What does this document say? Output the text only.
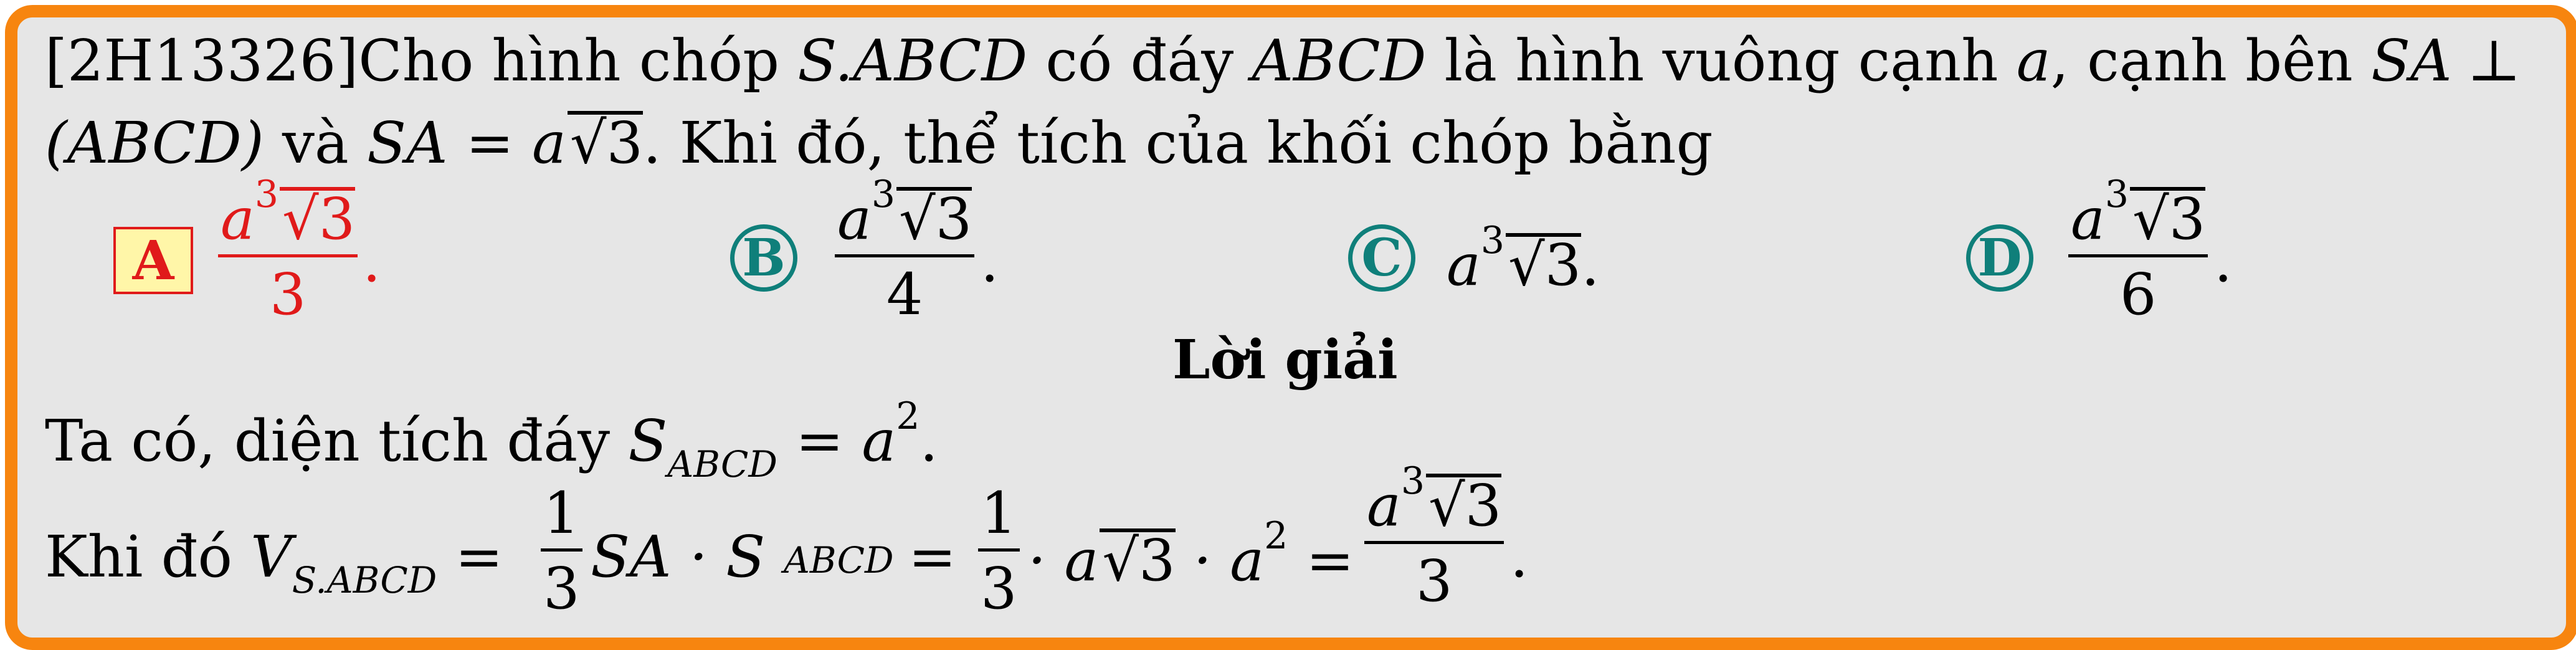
[2H13326]Cho hình chóp S.ABCD có đáy ABCD là hình vuông cạnh a, cạnh bên SA ⊥
(ABCD) và SA = a√3. Khi đó, thể tích của khối chóp bằng
A
$a^3√3$
3 .	B
$a^3√3$
4 .	C $a^3√3$.	D
$a^3√3$
6 .
Lời giải
Ta có, diện tích đáy $S_{ABCD} = a^2$.
Khi đó $V_{S.ABCD}$ =
1
3 SA · S ABCD =
1
$3 \cdot a√3 \cdot a^2$ =
$a^3√3$
3 .
